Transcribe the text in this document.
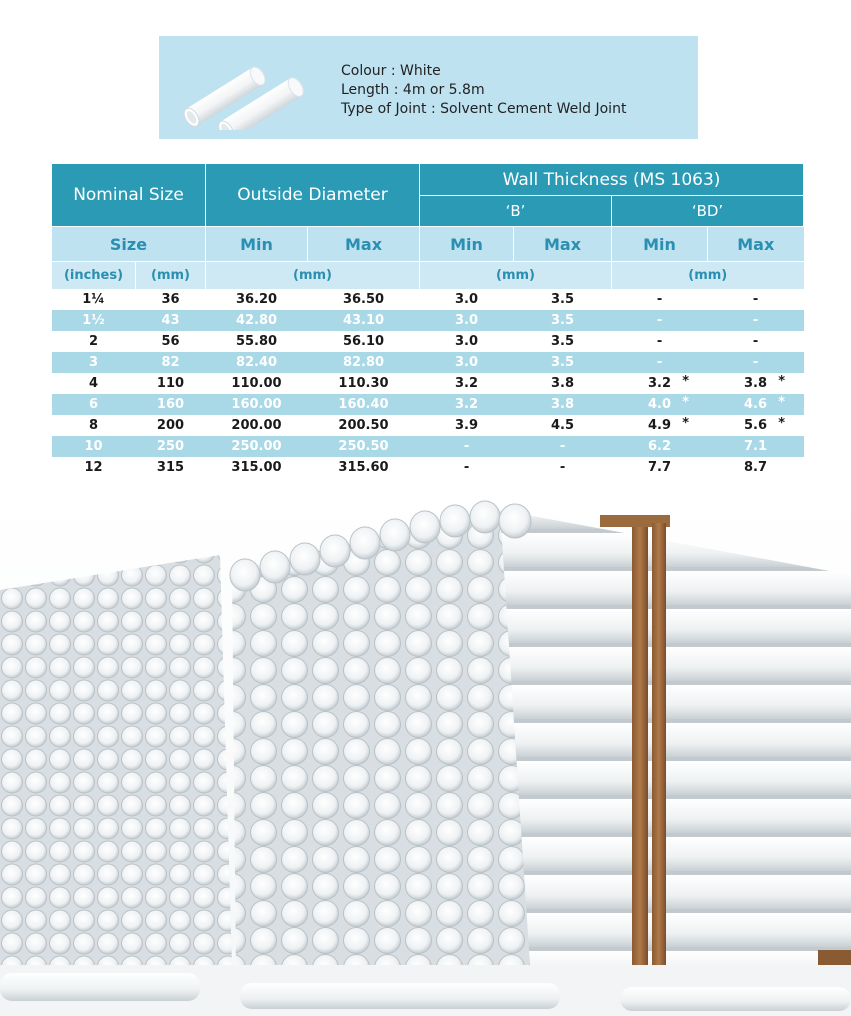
Colour : White
Length : 4m or 5.8m
Type of Joint : Solvent Cement Weld Joint
Nominal Size		Outside Diameter		Wall Thickness (MS 1063)			
				‘B’		‘BD’	
Size		Min	Max	Min	Max	Min	Max
(inches)	(mm)	(mm)		(mm)		(mm)	
1¼	36	36.20	36.50	3.0	3.5	-	-

1½	43	42.80	43.10	3.0	3.5	-	-

2	56	55.80	56.10	3.0	3.5	-	-

3	82	82.40	82.80	3.0	3.5	-	-

4	110	110.00	110.30	3.2	3.8	3.2 *	3.8 *

6	160	160.00	160.40	3.2	3.8	4.0 *	4.6 *

8	200	200.00	200.50	3.9	4.5	4.9 *	5.6 *

10	250	250.00	250.50	-	-	6.2	7.1

12	315	315.00	315.60	-	-	7.7	8.7
